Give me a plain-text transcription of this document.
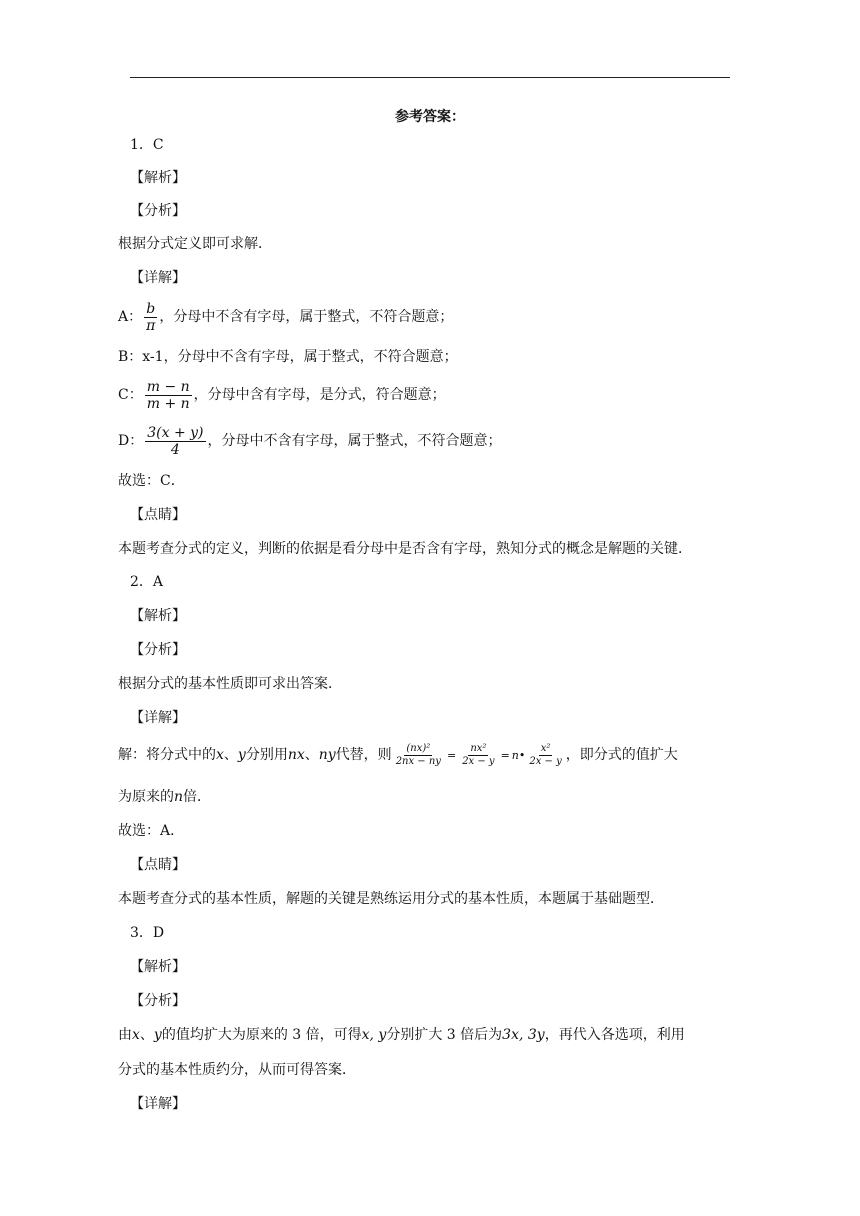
参考答案：
1．C
【解析】
【分析】
根据分式定义即可求解．
【详解】
A： $\frac{b}{\pi}$ ，分母中不含有字母，属于整式，不符合题意；
B：x-1，分母中不含有字母，属于整式，不符合题意；
C： $\frac{m - n}{m + n}$ ，分母中含有字母，是分式，符合题意；
D： $\frac{3(x + y)}{4}$ ，分母中不含有字母，属于整式，不符合题意；
故选：C．
【点睛】
本题考查分式的定义，判断的依据是看分母中是否含有字母，熟知分式的概念是解题的关键．
2．A
【解析】
【分析】
根据分式的基本性质即可求出答案．
【详解】
解：将分式中的x、y分别用nx、ny代替，则 $\frac{\text{(nx)²}}{2nx - ny} = \frac{\text{nx²}}{2x - y}$ = n• $\frac{\text{x²}}{2x - y}$ ，即分式的值扩大
为原来的n倍．
故选：A．
【点睛】
本题考查分式的基本性质，解题的关键是熟练运用分式的基本性质，本题属于基础题型．
3．D
【解析】
【分析】
由x、y的值均扩大为原来的 3 倍，可得x, y分别扩大 3 倍后为3x, 3y，再代入各选项，利用
分式的基本性质约分，从而可得答案．
【详解】
